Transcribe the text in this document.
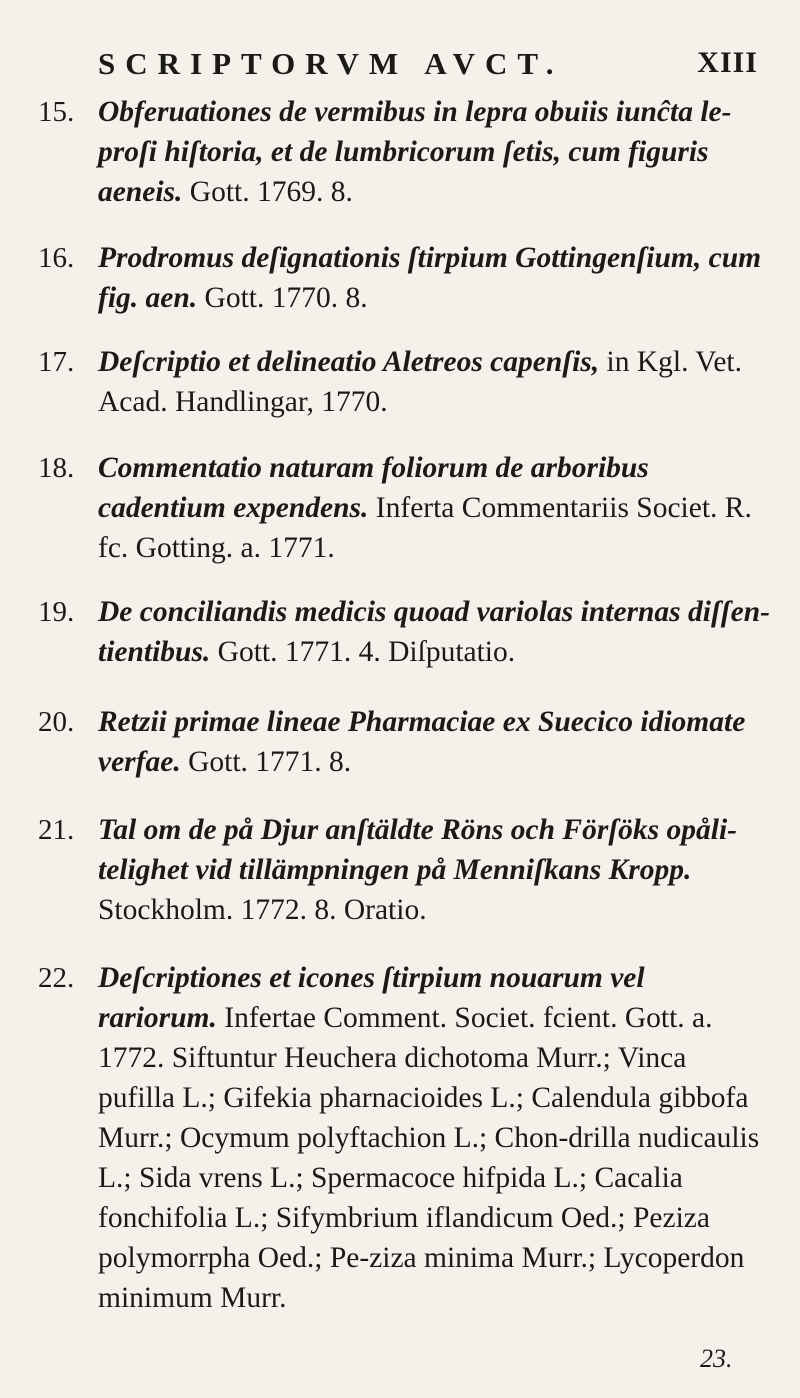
SCRIPTORVM AVCT.	XIII
15. Obferuationes de vermibus in lepra obuiis iunĉta le-proſi hiſtoria, et de lumbricorum ſetis, cum figuris aeneis. Gott. 1769. 8.
16. Prodromus deſignationis ſtirpium Gottingenſium, cum fig. aen. Gott. 1770. 8.
17. Deſcriptio et delineatio Aletreos capenſis, in Kgl. Vet. Acad. Handlingar, 1770.
18. Commentatio naturam foliorum de arboribus cadentium expendens. Inferta Commentariis Societ. R. fc. Gotting. a. 1771.
19. De conciliandis medicis quoad variolas internas diſſen-tientibus. Gott. 1771. 4. Diſputatio.
20. Retzii primae lineae Pharmaciae ex Suecico idiomate verfae. Gott. 1771. 8.
21. Tal om de på Djur anſtäldte Röns och Förſöks opåli-telighet vid tillämpningen på Menniſkans Kropp. Stockholm. 1772. 8. Oratio.
22. Deſcriptiones et icones ſtirpium nouarum vel rariorum. Infertae Comment. Societ. fcient. Gott. a. 1772. Siftuntur Heuchera dichotoma Murr.; Vinca pufilla L.; Gifekia pharnacioides L.; Calendula gibbofa Murr.; Ocymum polyftachion L.; Chon-drilla nudicaulis L.; Sida vrens L.; Spermacoce hifpida L.; Cacalia fonchifolia L.; Sifymbrium iflandicum Oed.; Peziza polymorrpha Oed.; Pe-ziza minima Murr.; Lycoperdon minimum Murr.
23.
